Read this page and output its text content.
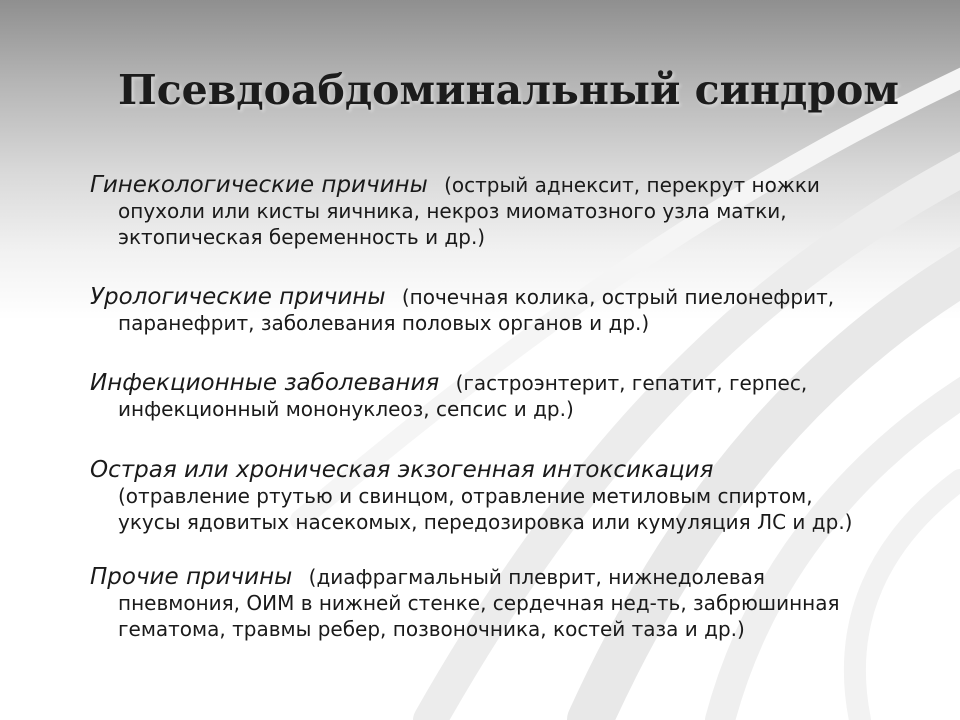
Псевдоабдоминальный синдром
Гинекологические причины (острый аднексит, перекрут ножки
опухоли или кисты яичника, некроз миоматозного узла матки,
эктопическая беременность и др.)
Урологические причины (почечная колика, острый пиелонефрит,
паранефрит, заболевания половых органов и др.)
Инфекционные заболевания (гастроэнтерит, гепатит, герпес,
инфекционный мононуклеоз, сепсис и др.)
Острая или хроническая экзогенная интоксикация
(отравление ртутью и свинцом, отравление метиловым спиртом,
укусы ядовитых насекомых, передозировка или кумуляция ЛС и др.)
Прочие причины (диафрагмальный плеврит, нижнедолевая
пневмония, ОИМ в нижней стенке, сердечная нед-ть, забрюшинная
гематома, травмы ребер, позвоночника, костей таза и др.)
